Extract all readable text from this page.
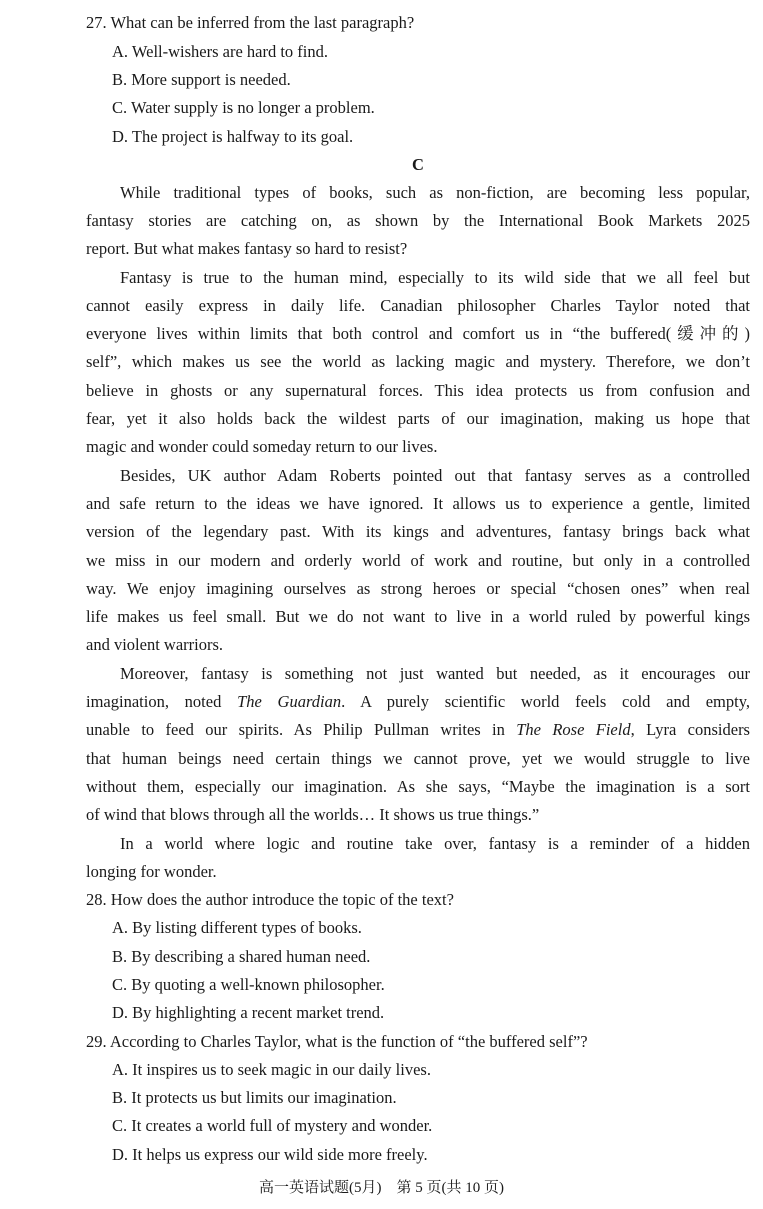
27. What can be inferred from the last paragraph?
A. Well-wishers are hard to find.
B. More support is needed.
C. Water supply is no longer a problem.
D. The project is halfway to its goal.
C
While traditional types of books, such as non-fiction, are becoming less popular,
fantasy stories are catching on, as shown by the International Book Markets 2025
report. But what makes fantasy so hard to resist?
Fantasy is true to the human mind, especially to its wild side that we all feel but
cannot easily express in daily life. Canadian philosopher Charles Taylor noted that
everyone lives within limits that both control and comfort us in “the buffered(缓冲的)
self”, which makes us see the world as lacking magic and mystery. Therefore, we don’t
believe in ghosts or any supernatural forces. This idea protects us from confusion and
fear, yet it also holds back the wildest parts of our imagination, making us hope that
magic and wonder could someday return to our lives.
Besides, UK author Adam Roberts pointed out that fantasy serves as a controlled
and safe return to the ideas we have ignored. It allows us to experience a gentle, limited
version of the legendary past. With its kings and adventures, fantasy brings back what
we miss in our modern and orderly world of work and routine, but only in a controlled
way. We enjoy imagining ourselves as strong heroes or special “chosen ones” when real
life makes us feel small. But we do not want to live in a world ruled by powerful kings
and violent warriors.
Moreover, fantasy is something not just wanted but needed, as it encourages our
imagination, noted The Guardian. A purely scientific world feels cold and empty,
unable to feed our spirits. As Philip Pullman writes in The Rose Field, Lyra considers
that human beings need certain things we cannot prove, yet we would struggle to live
without them, especially our imagination. As she says, “Maybe the imagination is a sort
of wind that blows through all the worlds… It shows us true things.”
In a world where logic and routine take over, fantasy is a reminder of a hidden
longing for wonder.
28. How does the author introduce the topic of the text?
A. By listing different types of books.
B. By describing a shared human need.
C. By quoting a well-known philosopher.
D. By highlighting a recent market trend.
29. According to Charles Taylor, what is the function of “the buffered self”?
A. It inspires us to seek magic in our daily lives.
B. It protects us but limits our imagination.
C. It creates a world full of mystery and wonder.
D. It helps us express our wild side more freely.
高一英语试题(5月)　第 5 页(共 10 页)
